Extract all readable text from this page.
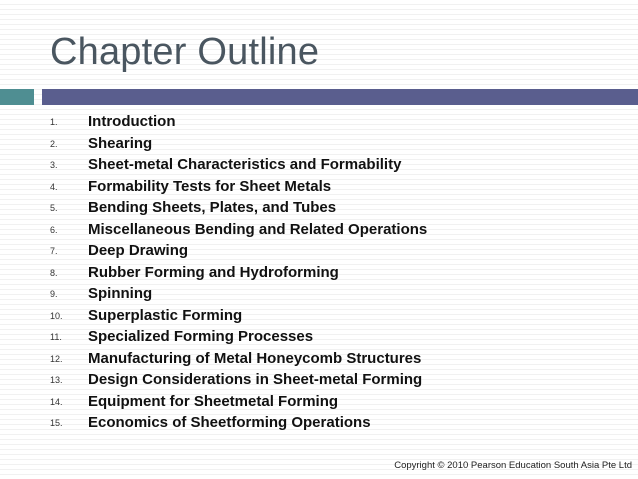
Chapter Outline
1. Introduction
2. Shearing
3. Sheet-metal Characteristics and Formability
4. Formability Tests for Sheet Metals
5. Bending Sheets, Plates, and Tubes
6. Miscellaneous Bending and Related Operations
7. Deep Drawing
8. Rubber Forming and Hydroforming
9. Spinning
10. Superplastic Forming
11. Specialized Forming Processes
12. Manufacturing of Metal Honeycomb Structures
13. Design Considerations in Sheet-metal Forming
14. Equipment for Sheetmetal Forming
15. Economics of Sheetforming Operations
Copyright © 2010 Pearson Education South Asia Pte Ltd
